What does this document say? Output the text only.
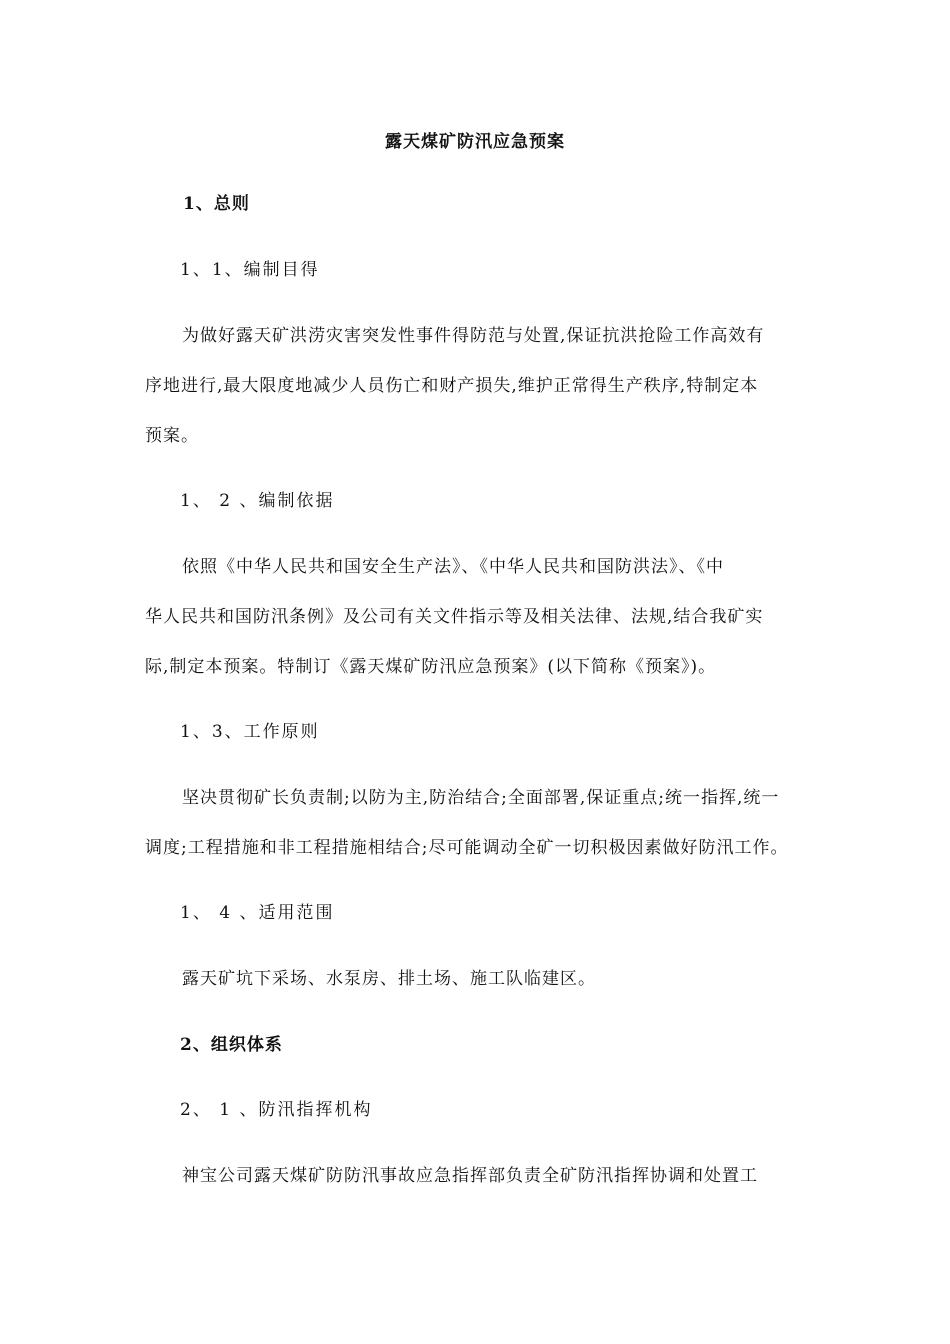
露天煤矿防汛应急预案
1、总则
1、1、编制目得
为做好露天矿洪涝灾害突发性事件得防范与处置,保证抗洪抢险工作高效有
序地进行,最大限度地减少人员伤亡和财产损失,维护正常得生产秩序,特制定本
预案。
1、 2 、编制依据
依照《中华人民共和国安全生产法》、《中华人民共和国防洪法》、《中
华人民共和国防汛条例》及公司有关文件指示等及相关法律、法规,结合我矿实
际,制定本预案。特制订《露天煤矿防汛应急预案》(以下简称《预案》)。
1、3、工作原则
坚决贯彻矿长负责制;以防为主,防治结合;全面部署,保证重点;统一指挥,统一
调度;工程措施和非工程措施相结合;尽可能调动全矿一切积极因素做好防汛工作。
1、 4 、适用范围
露天矿坑下采场、水泵房、排土场、施工队临建区。
2、组织体系
2、 1 、防汛指挥机构
神宝公司露天煤矿防防汛事故应急指挥部负责全矿防汛指挥协调和处置工
